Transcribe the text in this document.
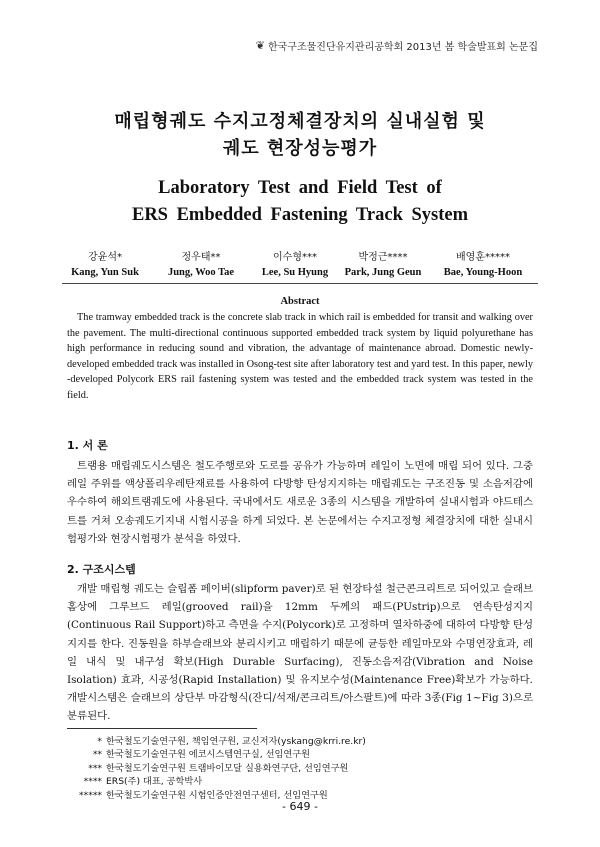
❦ 한국구조물진단유지관리공학회 2013년 봄 학술발표회 논문집
매립형궤도 수지고정체결장치의 실내실험 및
궤도 현장성능평가
Laboratory Test and Field Test of
ERS Embedded Fastening Track System
강윤석*
Kang, Yun Suk
정우태**
Jung, Woo Tae
이수형***
Lee, Su Hyung
박정근****
Park, Jung Geun
배영훈*****
Bae, Young-Hoon
Abstract
The tramway embedded track is the concrete slab track in which rail is embedded for transit and walking over the pavement. The multi-directional continuous supported embedded track system by liquid polyurethane has high performance in reducing sound and vibration, the advantage of maintenance abroad. Domestic newly-developed embedded track was installed in Osong-test site after laboratory test and yard test. In this paper, newly -developed Polycork ERS rail fastening system was tested and the embedded track system was tested in the field.
1. 서 론
트램용 매립궤도시스템은 철도주행로와 도로를 공유가 가능하며 레일이 노면에 매립 되어 있다. 그중 레일 주위를 액상폴리우레탄재료를 사용하여 다방향 탄성지지하는 매립궤도는 구조진동 및 소음저감에 우수하여 해외트램궤도에 사용된다. 국내에서도 새로운 3종의 시스템을 개발하여 실내시험과 야드테스트를 거쳐 오송궤도기지내 시험시공을 하게 되었다. 본 논문에서는 수지고정형 체결장치에 대한 실내시험평가와 현장시험평가 분석을 하였다.
2. 구조시스템
개발 매립형 궤도는 슬립폼 페이버(slipform paver)로 된 현장타설 철근콘크리트로 되어있고 슬래브 홈상에 그루브드 레일(grooved rail)을 12mm 두께의 패드(PUstrip)으로 연속탄성지지(Continuous Rail Support)하고 측면을 수지(Polycork)로 고정하며 열차하중에 대하여 다방향 탄성지지를 한다. 진동원을 하부슬래브와 분리시키고 매립하기 때문에 균등한 레일마모와 수명연장효과, 레일 내식 및 내구성 확보(High Durable Surfacing), 진동소음저감(Vibration and Noise Isolation) 효과, 시공성(Rapid Installation) 및 유지보수성(Maintenance Free)확보가 가능하다. 개발시스템은 슬래브의 상단부 마감형식(잔디/석재/콘크리트/아스팔트)에 따라 3종(Fig 1~Fig 3)으로 분류된다.
* 한국철도기술연구원, 책임연구원, 교신저자(yskang@krri.re.kr)
** 한국철도기술연구원 에코시스템연구실, 선임연구원
*** 한국철도기술연구원 트램바이모달 실용화연구단, 선임연구원
**** ERS(주) 대표, 공학박사
***** 한국철도기술연구원 시험인증안전연구센터, 선임연구원
- 649 -
